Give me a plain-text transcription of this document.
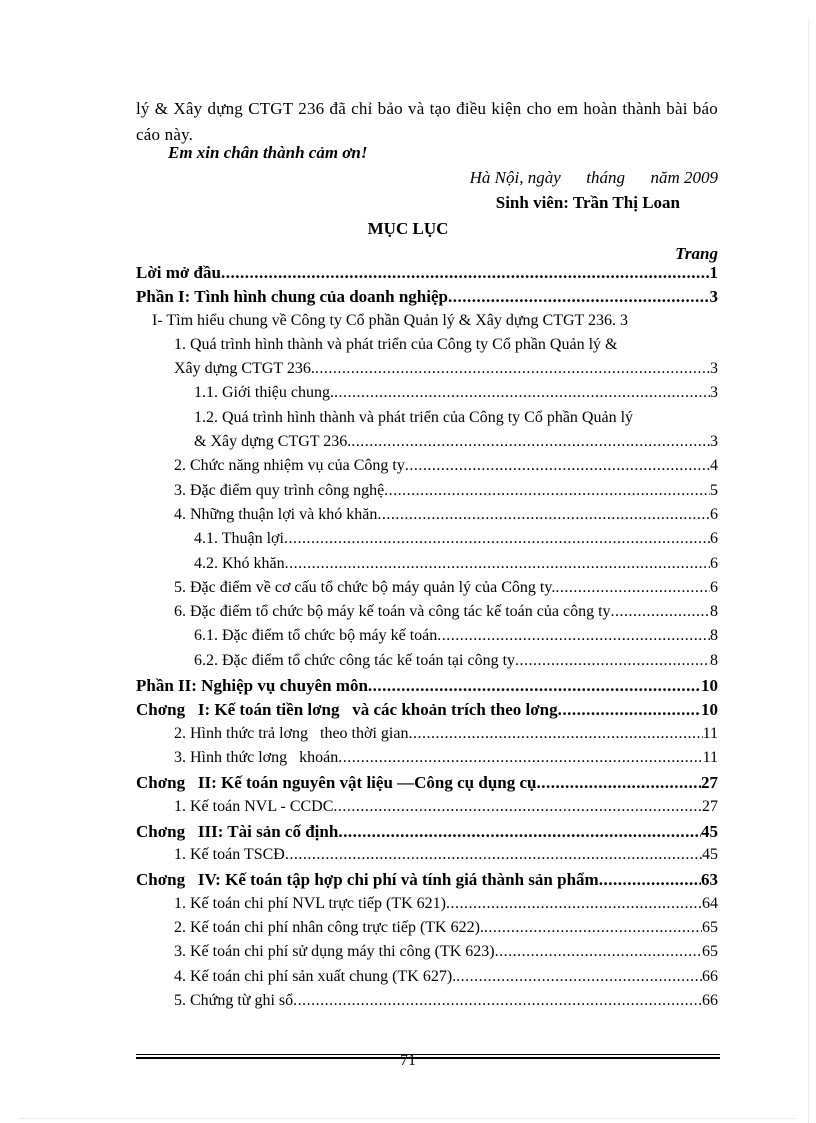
lý & Xây dựng CTGT 236 đã chỉ bảo và tạo điều kiện cho em hoàn thành bài báo cáo này.
Em xin chân thành cảm ơn!
Hà Nội, ngày      tháng      năm 2009
Sinh viên: Trần Thị Loan
MỤC LỤC
Trang
Lời mở đầu .....	1
Phần I: Tình hình chung của doanh nghiệp .....	3
I- Tìm hiểu chung về Công ty Cổ phần Quản lý & Xây dựng CTGT 236. 3
1. Quá trình hình thành và phát triển của Công ty Cổ phần Quản lý &
Xây dựng CTGT 236. .....	3
1.1. Giới thiệu chung. .....	3
1.2. Quá trình hình thành và phát triển của Công ty Cổ phần Quản lý
& Xây dựng CTGT 236. .....	3
2. Chức năng nhiệm vụ của Công ty .....	4
3. Đặc điểm quy trình công nghệ .....	5
4. Những thuận lợi và khó khăn .....	6
4.1. Thuận lợi .....	6
4.2. Khó khăn .....	6
5. Đặc điểm về cơ cấu tổ chức bộ máy quản lý của Công ty. .....	6
6. Đặc điểm tổ chức bộ máy kế toán và công tác kế toán của công ty .....	8
6.1. Đặc điểm tổ chức bộ máy kế toán .....	8
6.2. Đặc điểm tổ chức công tác kế toán tại công ty .....	8
Phần II: Nghiệp vụ chuyên môn .....	10
Chơng   I: Kế toán tiền lơng   và các khoản trích theo lơng .....	10
2. Hình thức trả lơng   theo thời gian .....	11
3. Hình thức lơng   khoán .....	11
Chơng   II: Kế toán nguyên vật liệu —Công cụ dụng cụ .....	27
1. Kế toán NVL - CCDC .....	27
Chơng   III: Tài sản cố định .....	45
1. Kế toán TSCĐ .....	45
Chơng   IV: Kế toán tập hợp chi phí và tính giá thành sản phẩm .....	63
1. Kế toán chi phí NVL trực tiếp (TK 621) .....	64
2. Kế toán chi phí nhân công trực tiếp (TK 622). .....	65
3. Kế toán chi phí sử dụng máy thi công (TK 623) .....	65
4. Kế toán chi phí sản xuất chung (TK 627). .....	66
5. Chứng từ ghi sổ .....	66
71
